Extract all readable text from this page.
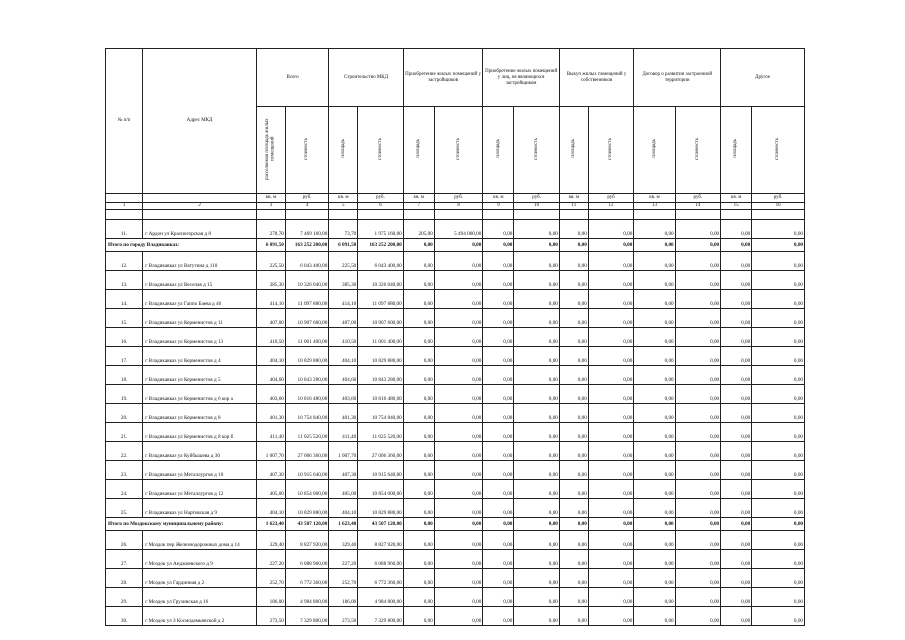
№ п/п	Адрес МКД	Всего		Строительство МКД		Приобретение жилых помещений у застройщиков		Приобретение жилых помещений у лиц, не являющихся застройщиком		Выкуп жилых помещений у собственников		Договор о развитии застроенной территории		Другое	
		расселяемая площадь жилых помещений	стоимость	площадь	стоимость	площадь	стоимость	площадь	стоимость	площадь	стоимость	площадь	стоимость	площадь	стоимость
		кв. м	руб.	кв. м	руб.	кв. м	руб.	кв. м	руб.	кв. м	руб	кв. м	руб.	кв. м	руб.
1	2	3	4	5	6	7	8	9	10	11	12	13	14	15	16

11.	г Ардон ул Красногорская д 8	278,70	7 469 160,00	73,70	1 975 160,00	205,00	5 494 000,00	0,00	0,00	0,00	0,00	0,00	0,00	0,00	0,00
Итого по городу Владикавказ:		6 091,50	163 252 200,00	6 091,50	163 252 200,00	0,00	0,00	0,00	0,00	0,00	0,00	0,00	0,00	0,00	0,00
12.	г Владикавказ ул Ватутина д 110	225,50	6 043 400,00	225,50	6 043 400,00	0,00	0,00	0,00	0,00	0,00	0,00	0,00	0,00	0,00	0,00
13.	г Владикавказ ул Веселая д 15	385,30	10 326 040,00	385,30	10 326 040,00	0,00	0,00	0,00	0,00	0,00	0,00	0,00	0,00	0,00	0,00
14.	г Владикавказ ул Гаппо Баева д 46	414,10	11 097 880,00	414,10	11 097 880,00	0,00	0,00	0,00	0,00	0,00	0,00	0,00	0,00	0,00	0,00
15.	г Владикавказ ул Керменистов д 11	407,00	10 907 600,00	407,00	10 907 600,00	0,00	0,00	0,00	0,00	0,00	0,00	0,00	0,00	0,00	0,00
16.	г Владикавказ ул Керменистов д 13	410,50	11 001 400,00	410,50	11 001 400,00	0,00	0,00	0,00	0,00	0,00	0,00	0,00	0,00	0,00	0,00
17.	г Владикавказ ул Керменистов д 4	404,10	10 829 880,00	404,10	10 829 880,00	0,00	0,00	0,00	0,00	0,00	0,00	0,00	0,00	0,00	0,00
18.	г Владикавказ ул Керменистов д 5	404,60	10 843 280,00	404,60	10 843 280,00	0,00	0,00	0,00	0,00	0,00	0,00	0,00	0,00	0,00	0,00
19.	г Владикавказ ул Керменистов д 6 кор а	403,60	10 816 480,00	403,60	10 816 480,00	0,00	0,00	0,00	0,00	0,00	0,00	0,00	0,00	0,00	0,00
20.	г Владикавказ ул Керменистов д 8	401,30	10 754 840,00	401,30	10 754 840,00	0,00	0,00	0,00	0,00	0,00	0,00	0,00	0,00	0,00	0,00
21.	г Владикавказ ул Керменистов д 8 кор б	411,40	11 025 520,00	411,40	11 025 520,00	0,00	0,00	0,00	0,00	0,00	0,00	0,00	0,00	0,00	0,00
22.	г Владикавказ ул Куйбышева д 30	1 007,70	27 006 360,00	1 007,70	27 006 360,00	0,00	0,00	0,00	0,00	0,00	0,00	0,00	0,00	0,00	0,00
23.	г Владикавказ ул Металлургов д 10	407,30	10 915 640,00	407,30	10 915 640,00	0,00	0,00	0,00	0,00	0,00	0,00	0,00	0,00	0,00	0,00
24.	г Владикавказ ул Металлургов д 12	405,00	10 854 000,00	405,00	10 854 000,00	0,00	0,00	0,00	0,00	0,00	0,00	0,00	0,00	0,00	0,00
25.	г Владикавказ ул Нартовская д 9	404,10	10 829 880,00	404,10	10 829 880,00	0,00	0,00	0,00	0,00	0,00	0,00	0,00	0,00	0,00	0,00
Итого по Моздокскому муниципальному району:		1 623,40	43 507 120,00	1 623,40	43 507 120,00	0,00	0,00	0,00	0,00	0,00	0,00	0,00	0,00	0,00	0,00
26.	г Моздок пер Железнодорожных дома д 14	329,40	8 827 920,00	329,40	8 827 920,00	0,00	0,00	0,00	0,00	0,00	0,00	0,00	0,00	0,00	0,00
27.	г Моздок ул Анджиевского д 9	227,20	6 088 960,00	227,20	6 088 960,00	0,00	0,00	0,00	0,00	0,00	0,00	0,00	0,00	0,00	0,00
28.	г Моздок ул Гардинная д 2	252,70	6 772 360,00	252,70	6 772 360,00	0,00	0,00	0,00	0,00	0,00	0,00	0,00	0,00	0,00	0,00
29.	г Моздок ул Грузинская д 16	186,00	4 984 800,00	186,00	4 984 800,00	0,00	0,00	0,00	0,00	0,00	0,00	0,00	0,00	0,00	0,00
30.	г Моздок ул З Космодемьянской д 2	273,50	7 329 800,00	273,50	7 329 800,00	0,00	0,00	0,00	0,00	0,00	0,00	0,00	0,00	0,00	0,00
